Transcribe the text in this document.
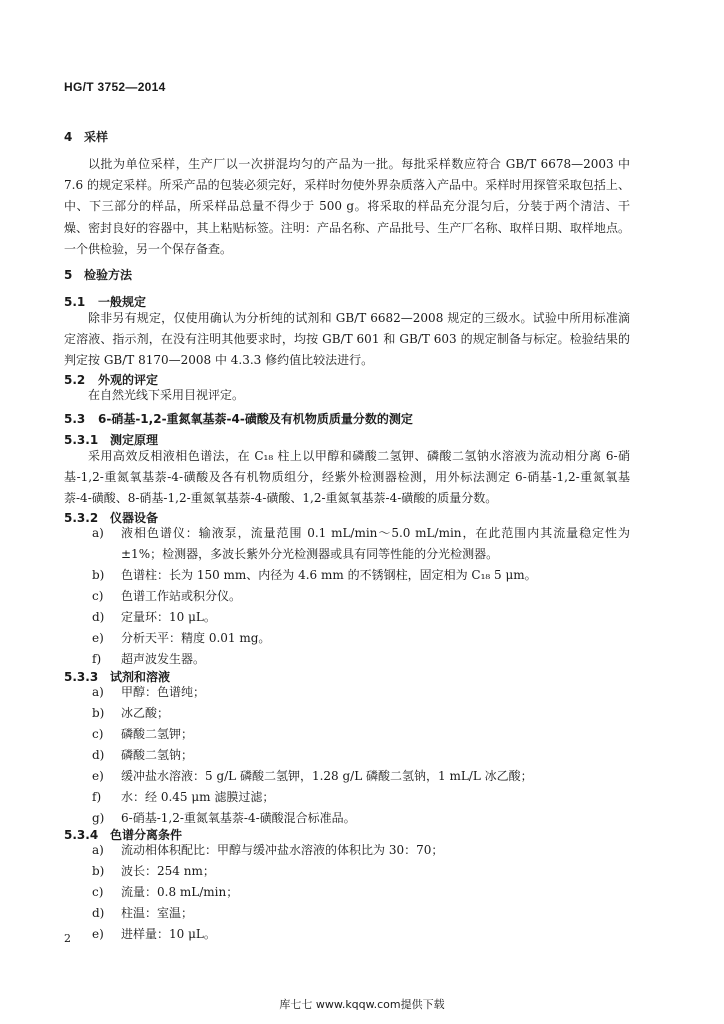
HG/T 3752—2014
4 采样

以批为单位采样，生产厂以一次拼混均匀的产品为一批。每批采样数应符合 GB/T 6678—2003 中 7.6 的规定采样。所采产品的包装必须完好，采样时勿使外界杂质落入产品中。采样时用探管采取包括上、中、下三部分的样品，所采样品总量不得少于 500 g。将采取的样品充分混匀后，分装于两个清洁、干燥、密封良好的容器中，其上粘贴标签。注明：产品名称、产品批号、生产厂名称、取样日期、取样地点。一个供检验，另一个保存备查。

5 检验方法
5.1 一般规定

除非另有规定，仅使用确认为分析纯的试剂和 GB/T 6682—2008 规定的三级水。试验中所用标准滴定溶液、指示剂，在没有注明其他要求时，均按 GB/T 601 和 GB/T 603 的规定制备与标定。检验结果的判定按 GB/T 8170—2008 中 4.3.3 修约值比较法进行。

5.2 外观的评定

在自然光线下采用目视评定。

5.3 6-硝基-1,2-重氮氧基萘-4-磺酸及有机物质质量分数的测定
5.3.1 测定原理

采用高效反相液相色谱法，在 C₁₈ 柱上以甲醇和磷酸二氢钾、磷酸二氢钠水溶液为流动相分离 6-硝基-1,2-重氮氧基萘-4-磺酸及各有机物质组分，经紫外检测器检测，用外标法测定 6-硝基-1,2-重氮氧基萘-4-磺酸、8-硝基-1,2-重氮氧基萘-4-磺酸、1,2-重氮氧基萘-4-磺酸的质量分数。

5.3.2 仪器设备
a)	液相色谱仪：输液泵，流量范围 0.1 mL/min～5.0 mL/min，在此范围内其流量稳定性为 ±1%；检测器，多波长紫外分光检测器或具有同等性能的分光检测器。
b)	色谱柱：长为 150 mm、内径为 4.6 mm 的不锈钢柱，固定相为 C₁₈ 5 μm。
c)	色谱工作站或积分仪。
d)	定量环：10 μL。
e)	分析天平：精度 0.01 mg。
f)	超声波发生器。
5.3.3 试剂和溶液
a)	甲醇：色谱纯；
b)	冰乙酸；
c)	磷酸二氢钾；
d)	磷酸二氢钠；
e)	缓冲盐水溶液：5 g/L 磷酸二氢钾，1.28 g/L 磷酸二氢钠，1 mL/L 冰乙酸；
f)	水：经 0.45 μm 滤膜过滤；
g)	6-硝基-1,2-重氮氧基萘-4-磺酸混合标准品。
5.3.4 色谱分离条件
a)	流动相体积配比：甲醇与缓冲盐水溶液的体积比为 30：70；
b)	波长：254 nm；
c)	流量：0.8 mL/min；
d)	柱温：室温；
e)	进样量：10 μL。
2
库七七 www.kqqw.com提供下载
